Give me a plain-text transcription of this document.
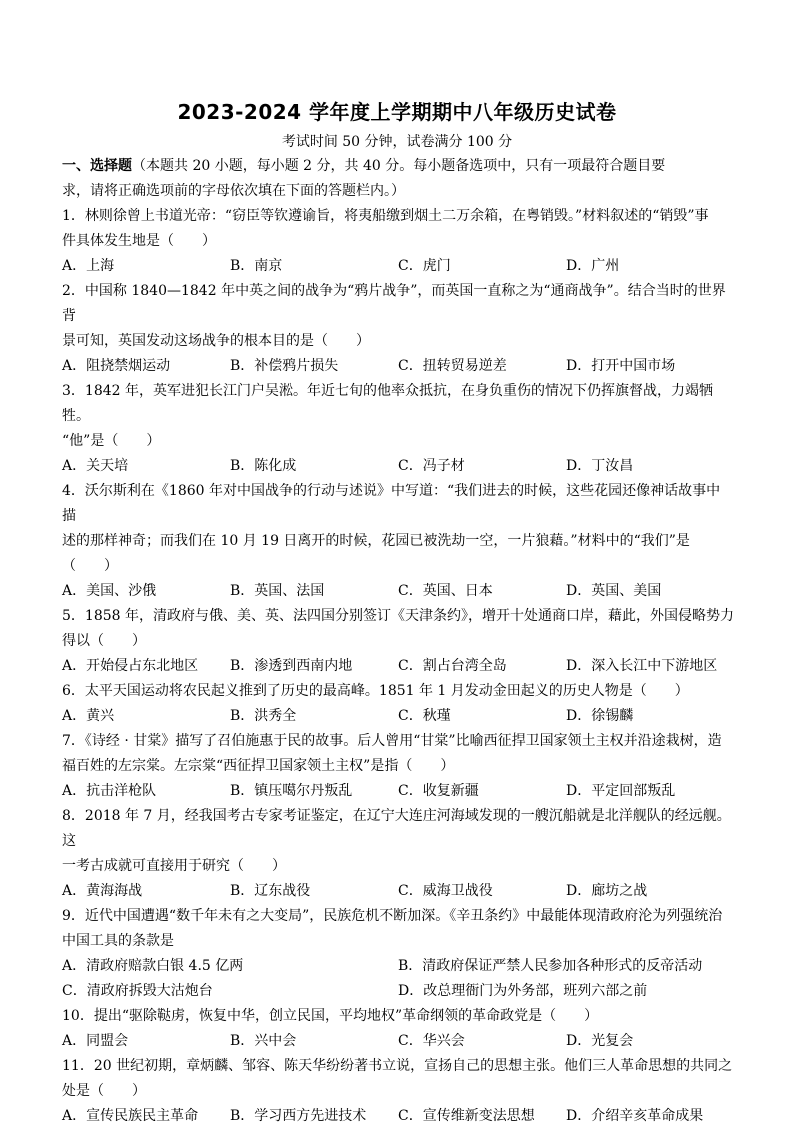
2023-2024 学年度上学期期中八年级历史试卷
考试时间 50 分钟，试卷满分 100 分

一、选择题（本题共 20 小题，每小题 2 分，共 40 分。每小题备选项中，只有一项最符合题目要

求，请将正确选项前的字母依次填在下面的答题栏内。）

1．林则徐曾上书道光帝：“窃臣等钦遵谕旨，将夷船缴到烟土二万余箱，在粤销毁。”材料叙述的“销毁”事

件具体发生地是（　　）

A．上海	B．南京	C．虎门	D．广州

2．中国称 1840—1842 年中英之间的战争为“鸦片战争”，而英国一直称之为“通商战争”。结合当时的世界背

景可知，英国发动这场战争的根本目的是（　　）

A．阻挠禁烟运动	B．补偿鸦片损失	C．扭转贸易逆差	D．打开中国市场

3．1842 年，英军进犯长江门户吴淞。年近七旬的他率众抵抗，在身负重伤的情况下仍挥旗督战，力竭牺牲。

“他”是（　　）

A．关天培	B．陈化成	C．冯子材	D．丁汝昌

4．沃尔斯利在《1860 年对中国战争的行动与述说》中写道：“我们进去的时候，这些花园还像神话故事中描

述的那样神奇；而我们在 10 月 19 日离开的时候，花园已被洗劫一空，一片狼藉。”材料中的“我们”是

（　　）

A．美国、沙俄	B．英国、法国	C．英国、日本	D．英国、美国

5．1858 年，清政府与俄、美、英、法四国分别签订《天津条约》，增开十处通商口岸，藉此，外国侵略势力

得以（　　）

A．开始侵占东北地区	B．渗透到西南内地	C．割占台湾全岛	D．深入长江中下游地区

6．太平天国运动将农民起义推到了历史的最高峰。1851 年 1 月发动金田起义的历史人物是（　　）

A．黄兴	B．洪秀全	C．秋瑾	D．徐锡麟

7．《诗经 · 甘棠》描写了召伯施惠于民的故事。后人曾用“甘棠”比喻西征捍卫国家领土主权并沿途栽树，造

福百姓的左宗棠。左宗棠“西征捍卫国家领土主权”是指（　　）

A．抗击洋枪队	B．镇压噶尔丹叛乱	C．收复新疆	D．平定回部叛乱

8．2018 年 7 月，经我国考古专家考证鉴定，在辽宁大连庄河海域发现的一艘沉船就是北洋舰队的经远舰。这

一考古成就可直接用于研究（　　）

A．黄海海战	B．辽东战役	C．威海卫战役	D．廊坊之战

9．近代中国遭遇“数千年未有之大变局”，民族危机不断加深。《辛丑条约》中最能体现清政府沦为列强统治

中国工具的条款是

A．清政府赔款白银 4.5 亿两	B．清政府保证严禁人民参加各种形式的反帝活动
C．清政府拆毁大沽炮台	D．改总理衙门为外务部，班列六部之前

10．提出“驱除鞑虏，恢复中华，创立民国，平均地权”革命纲领的革命政党是（　　）

A．同盟会	B．兴中会	C．华兴会	D．光复会

11．20 世纪初期，章炳麟、邹容、陈天华纷纷著书立说，宣扬自己的思想主张。他们三人革命思想的共同之

处是（　　）

A．宣传民族民主革命	B．学习西方先进技术	C．宣传维新变法思想	D．介绍辛亥革命成果
